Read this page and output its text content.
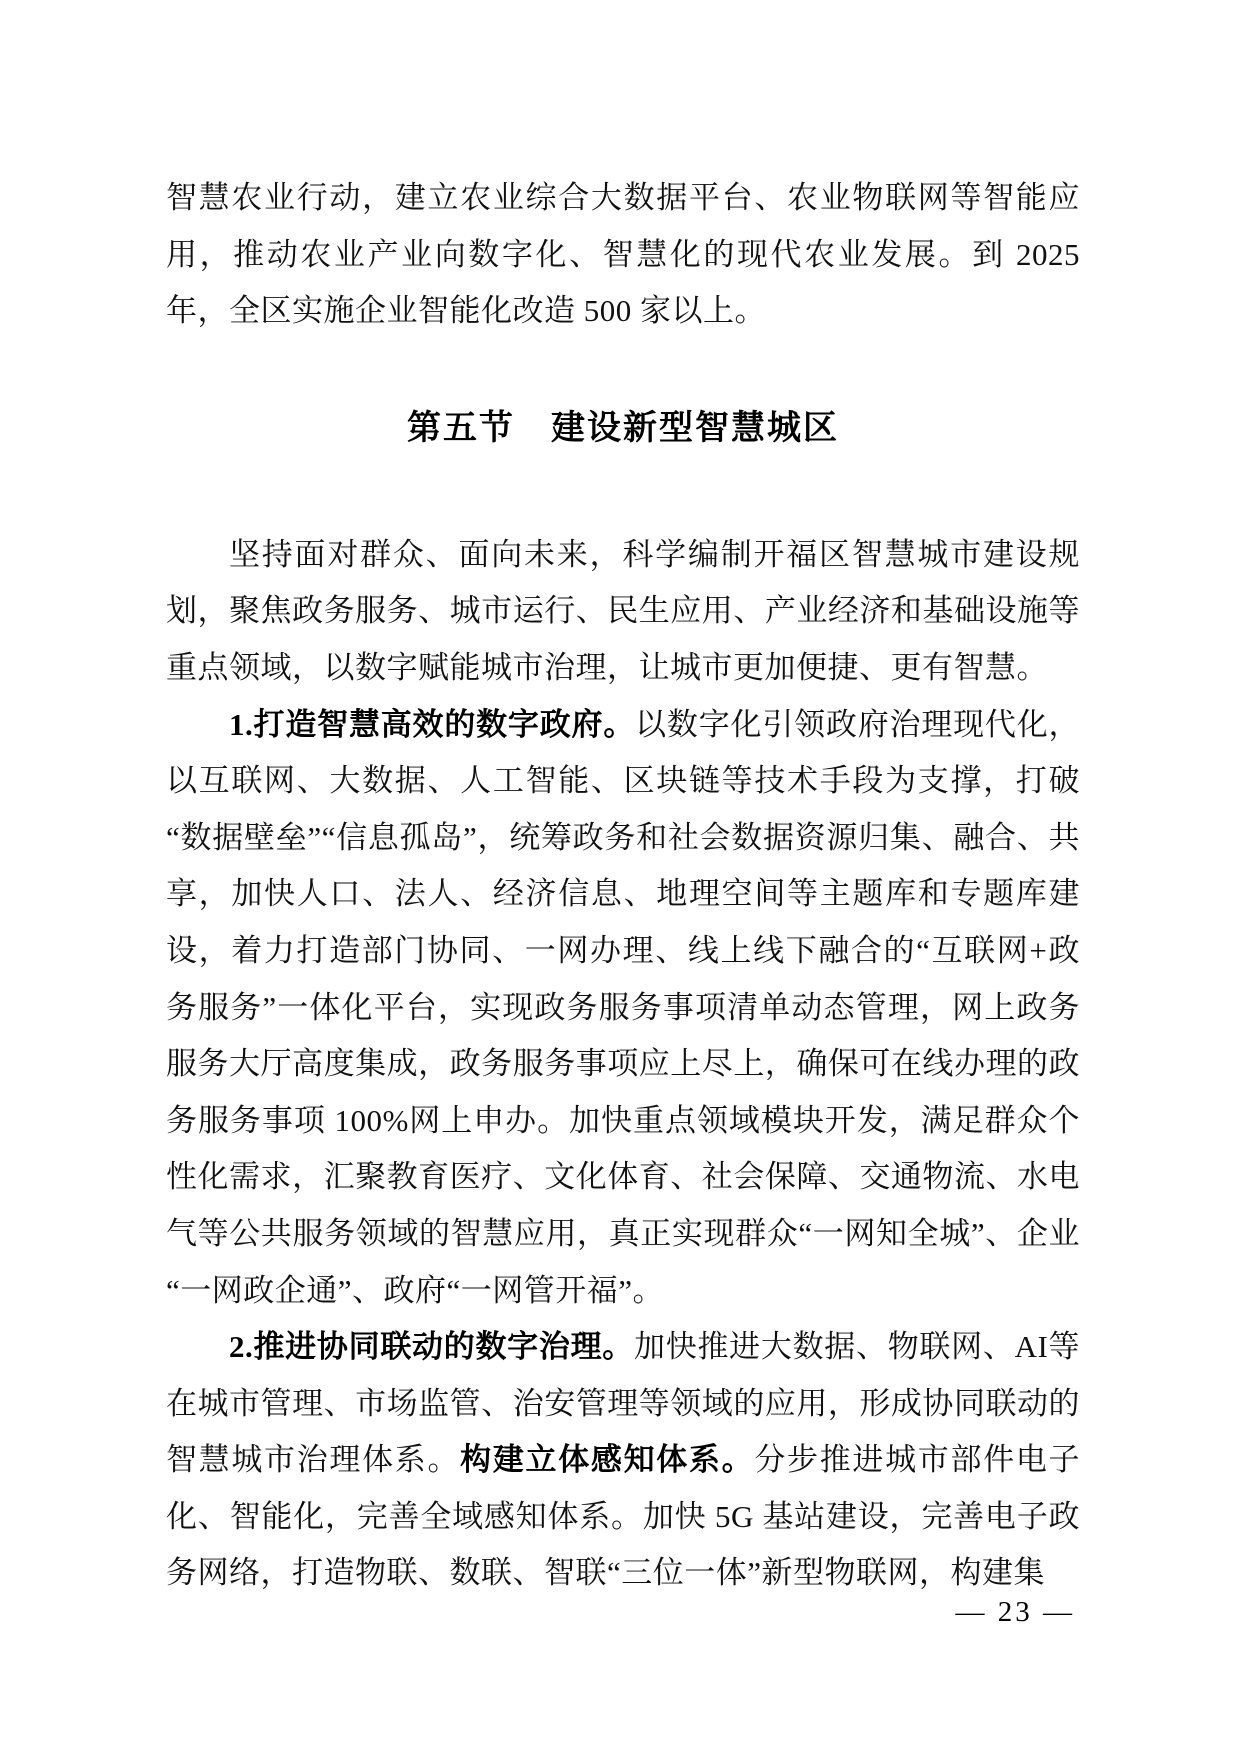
智慧农业行动，建立农业综合大数据平台、农业物联网等智能应用，推动农业产业向数字化、智慧化的现代农业发展。到 2025 年，全区实施企业智能化改造 500 家以上。

第五节　建设新型智慧城区

坚持面对群众、面向未来，科学编制开福区智慧城市建设规划，聚焦政务服务、城市运行、民生应用、产业经济和基础设施等重点领域，以数字赋能城市治理，让城市更加便捷、更有智慧。

1.打造智慧高效的数字政府。以数字化引领政府治理现代化，以互联网、大数据、人工智能、区块链等技术手段为支撑，打破“数据壁垒”“信息孤岛”，统筹政务和社会数据资源归集、融合、共享，加快人口、法人、经济信息、地理空间等主题库和专题库建设，着力打造部门协同、一网办理、线上线下融合的“互联网+政务服务”一体化平台，实现政务服务事项清单动态管理，网上政务服务大厅高度集成，政务服务事项应上尽上，确保可在线办理的政务服务事项 100%网上申办。加快重点领域模块开发，满足群众个性化需求，汇聚教育医疗、文化体育、社会保障、交通物流、水电气等公共服务领域的智慧应用，真正实现群众“一网知全城”、企业“一网政企通”、政府“一网管开福”。

2.推进协同联动的数字治理。加快推进大数据、物联网、AI等在城市管理、市场监管、治安管理等领域的应用，形成协同联动的智慧城市治理体系。构建立体感知体系。分步推进城市部件电子化、智能化，完善全域感知体系。加快 5G 基站建设，完善电子政务网络，打造物联、数联、智联“三位一体”新型物联网，构建集

— 23 —
